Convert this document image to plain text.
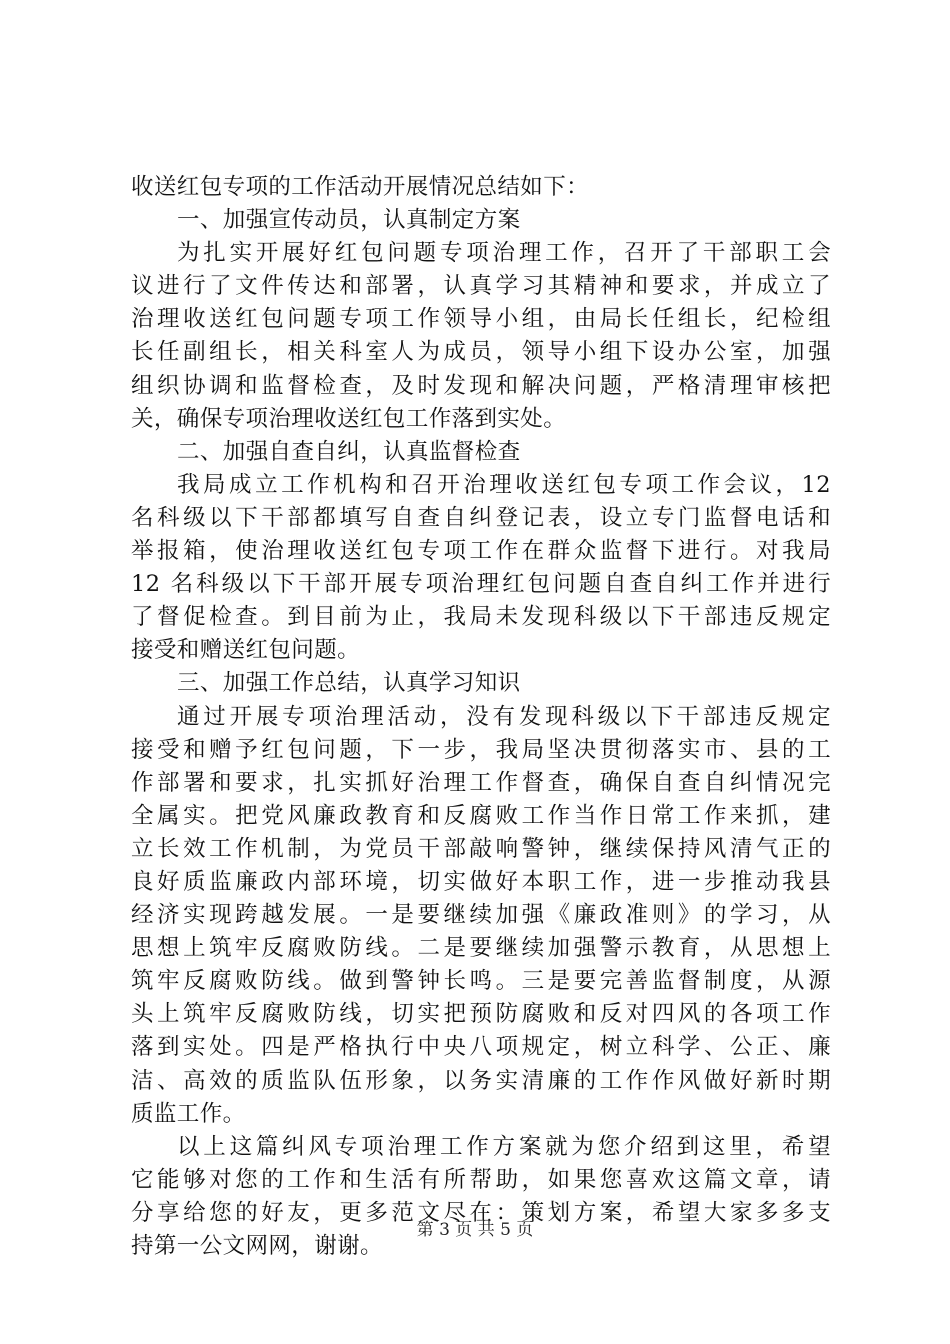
收送红包专项的工作活动开展情况总结如下：
一、加强宣传动员，认真制定方案
为扎实开展好红包问题专项治理工作，召开了干部职工会
议进行了文件传达和部署，认真学习其精神和要求，并成立了
治理收送红包问题专项工作领导小组，由局长任组长，纪检组
长任副组长，相关科室人为成员，领导小组下设办公室，加强
组织协调和监督检查，及时发现和解决问题，严格清理审核把
关，确保专项治理收送红包工作落到实处。
二、加强自查自纠，认真监督检查
我局成立工作机构和召开治理收送红包专项工作会议，12
名科级以下干部都填写自查自纠登记表，设立专门监督电话和
举报箱，使治理收送红包专项工作在群众监督下进行。对我局
12 名科级以下干部开展专项治理红包问题自查自纠工作并进行
了督促检查。到目前为止，我局未发现科级以下干部违反规定
接受和赠送红包问题。
三、加强工作总结，认真学习知识
通过开展专项治理活动，没有发现科级以下干部违反规定
接受和赠予红包问题，下一步，我局坚决贯彻落实市、县的工
作部署和要求，扎实抓好治理工作督查，确保自查自纠情况完
全属实。把党风廉政教育和反腐败工作当作日常工作来抓，建
立长效工作机制，为党员干部敲响警钟，继续保持风清气正的
良好质监廉政内部环境，切实做好本职工作，进一步推动我县
经济实现跨越发展。一是要继续加强《廉政准则》的学习，从
思想上筑牢反腐败防线。二是要继续加强警示教育，从思想上
筑牢反腐败防线。做到警钟长鸣。三是要完善监督制度，从源
头上筑牢反腐败防线，切实把预防腐败和反对四风的各项工作
落到实处。四是严格执行中央八项规定，树立科学、公正、廉
洁、高效的质监队伍形象，以务实清廉的工作作风做好新时期
质监工作。
以上这篇纠风专项治理工作方案就为您介绍到这里，希望
它能够对您的工作和生活有所帮助，如果您喜欢这篇文章，请
分享给您的好友，更多范文尽在：策划方案，希望大家多多支
持第一公文网网，谢谢。
第 3 页 共 5 页
